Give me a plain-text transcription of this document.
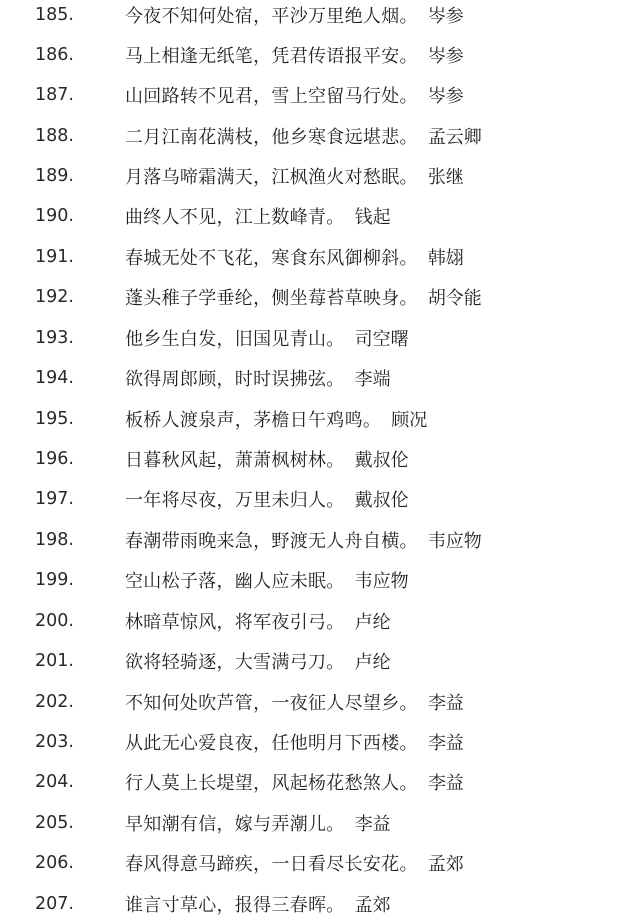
185.	今夜不知何处宿，平沙万里绝人烟。 岑参
186.	马上相逢无纸笔，凭君传语报平安。 岑参
187.	山回路转不见君，雪上空留马行处。 岑参
188.	二月江南花满枝，他乡寒食远堪悲。 孟云卿
189.	月落乌啼霜满天，江枫渔火对愁眠。 张继
190.	曲终人不见，江上数峰青。 钱起
191.	春城无处不飞花，寒食东风御柳斜。 韩翃
192.	蓬头稚子学垂纶，侧坐莓苔草映身。 胡令能
193.	他乡生白发，旧国见青山。 司空曙
194.	欲得周郎顾，时时误拂弦。 李端
195.	板桥人渡泉声，茅檐日午鸡鸣。 顾况
196.	日暮秋风起，萧萧枫树林。 戴叔伦
197.	一年将尽夜，万里未归人。 戴叔伦
198.	春潮带雨晚来急，野渡无人舟自横。 韦应物
199.	空山松子落，幽人应未眠。 韦应物
200.	林暗草惊风，将军夜引弓。 卢纶
201.	欲将轻骑逐，大雪满弓刀。 卢纶
202.	不知何处吹芦管，一夜征人尽望乡。 李益
203.	从此无心爱良夜，任他明月下西楼。 李益
204.	行人莫上长堤望，风起杨花愁煞人。 李益
205.	早知潮有信，嫁与弄潮儿。 李益
206.	春风得意马蹄疾，一日看尽长安花。 孟郊
207.	谁言寸草心，报得三春晖。 孟郊
